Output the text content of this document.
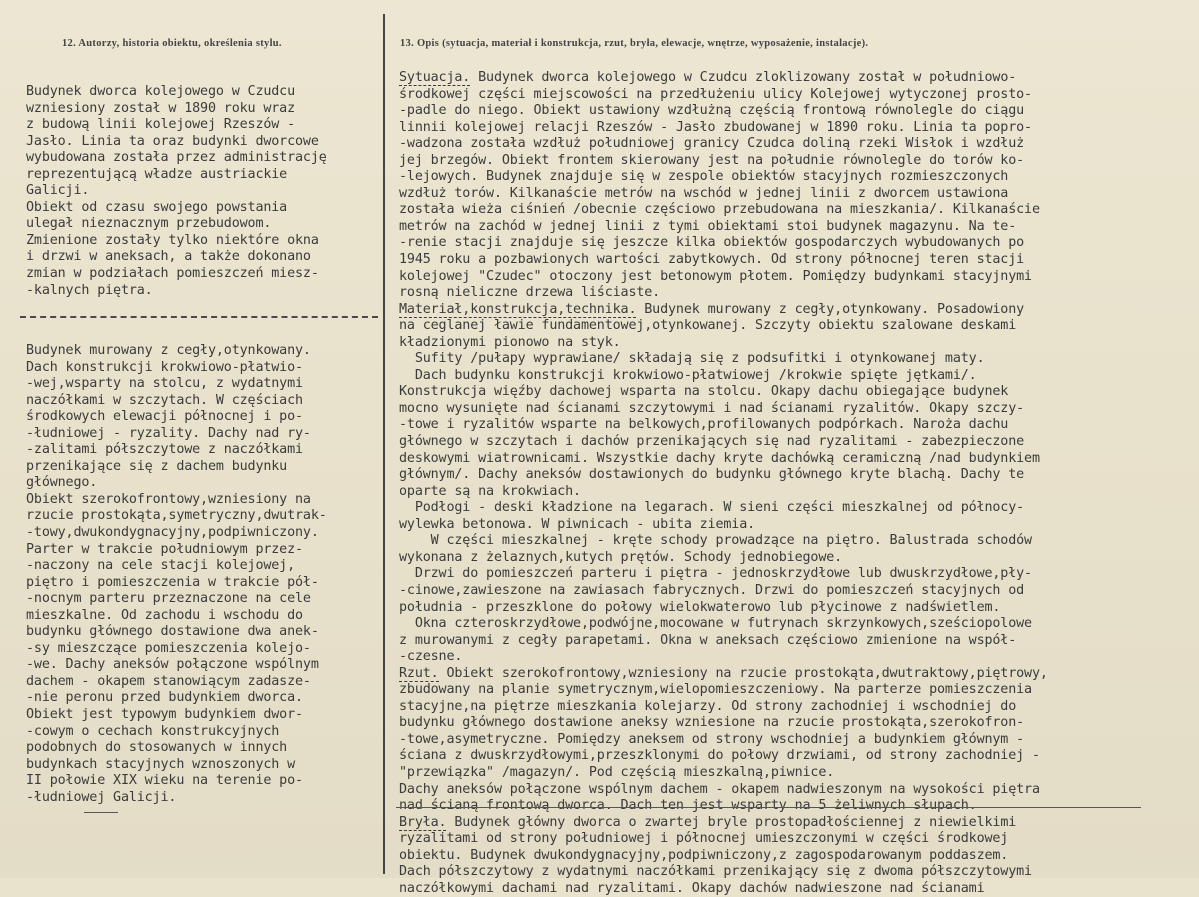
12. Autorzy, historia obiektu, określenia stylu.	13. Opis (sytuacja, materiał i konstrukcja, rzut, bryła, elewacje, wnętrze, wyposażenie, instalacje).
Budynek dworca kolejowego w Czudcu
wzniesiony został w 1890 roku wraz
z budową linii kolejowej Rzeszów -
Jasło. Linia ta oraz budynki dworcowe
wybudowana została przez administrację
reprezentującą władze austriackie
Galicji.
Obiekt od czasu swojego powstania
ulegał nieznacznym przebudowom.
Zmienione zostały tylko niektóre okna
i drzwi w aneksach, a także dokonano
zmian w podziałach pomieszczeń miesz-
-kalnych piętra.
Budynek murowany z cegły,otynkowany.
Dach konstrukcji krokwiowo-płatwio-
-wej,wsparty na stolcu, z wydatnymi
naczółkami w szczytach. W częściach
środkowych elewacji północnej i po-
-łudniowej - ryzality. Dachy nad ry-
-zalitami półszczytowe z naczółkami
przenikające się z dachem budynku
głównego.
Obiekt szerokofrontowy,wzniesiony na
rzucie prostokąta,symetryczny,dwutrak-
-towy,dwukondygnacyjny,podpiwniczony.
Parter w trakcie południowym przez-
-naczony na cele stacji kolejowej,
piętro i pomieszczenia w trakcie pół-
-nocnym parteru przeznaczone na cele
mieszkalne. Od zachodu i wschodu do
budynku głównego dostawione dwa anek-
-sy mieszczące pomieszczenia kolejo-
-we. Dachy aneksów połączone wspólnym
dachem - okapem stanowiącym zadasze-
-nie peronu przed budynkiem dworca.
Obiekt jest typowym budynkiem dwor-
-cowym o cechach konstrukcyjnych
podobnych do stosowanych w innych
budynkach stacyjnych wznoszonych w
II połowie XIX wieku na terenie po-
-łudniowej Galicji.
Sytuacja. Budynek dworca kolejowego w Czudcu zloklizowany został w południowo-
środkowej części miejscowości na przedłużeniu ulicy Kolejowej wytyczonej prosto-
-padle do niego. Obiekt ustawiony wzdłużną częścią frontową równolegle do ciągu
linnii kolejowej relacji Rzeszów - Jasło zbudowanej w 1890 roku. Linia ta popro-
-wadzona została wzdłuż południowej granicy Czudca doliną rzeki Wisłok i wzdłuż
jej brzegów. Obiekt frontem skierowany jest na południe równolegle do torów ko-
-lejowych. Budynek znajduje się w zespole obiektów stacyjnych rozmieszczonych
wzdłuż torów. Kilkanaście metrów na wschód w jednej linii z dworcem ustawiona
została wieża ciśnień /obecnie częściowo przebudowana na mieszkania/. Kilkanaście
metrów na zachód w jednej linii z tymi obiektami stoi budynek magazynu. Na te-
-renie stacji znajduje się jeszcze kilka obiektów gospodarczych wybudowanych po
1945 roku a pozbawionych wartości zabytkowych. Od strony północnej teren stacji
kolejowej "Czudec" otoczony jest betonowym płotem. Pomiędzy budynkami stacyjnymi
rosną nieliczne drzewa liściaste.
Materiał,konstrukcja,technika. Budynek murowany z cegły,otynkowany. Posadowiony
na ceglanej ławie fundamentowej,otynkowanej. Szczyty obiektu szalowane deskami
kładzionymi pionowo na styk.
Sufity /pułapy wyprawiane/ składają się z podsufitki i otynkowanej maty.
Dach budynku konstrukcji krokwiowo-płatwiowej /krokwie spięte jętkami/.
Konstrukcja więźby dachowej wsparta na stolcu. Okapy dachu obiegające budynek
mocno wysunięte nad ścianami szczytowymi i nad ścianami ryzalitów. Okapy szczy-
-towe i ryzalitów wsparte na belkowych,profilowanych podpórkach. Naroża dachu
głównego w szczytach i dachów przenikających się nad ryzalitami - zabezpieczone
deskowymi wiatrownicami. Wszystkie dachy kryte dachówką ceramiczną /nad budynkiem
głównym/. Dachy aneksów dostawionych do budynku głównego kryte blachą. Dachy te
oparte są na krokwiach.
Podłogi - deski kładzione na legarach. W sieni części mieszkalnej od północy-
wylewka betonowa. W piwnicach - ubita ziemia.
W części mieszkalnej - kręte schody prowadzące na piętro. Balustrada schodów
wykonana z żelaznych,kutych prętów. Schody jednobiegowe.
Drzwi do pomieszczeń parteru i piętra - jednoskrzydłowe lub dwuskrzydłowe,pły-
-cinowe,zawieszone na zawiasach fabrycznych. Drzwi do pomieszczeń stacyjnych od
południa - przeszklone do połowy wielokwaterowo lub płycinowe z nadświetlem.
Okna czteroskrzydłowe,podwójne,mocowane w futrynach skrzynkowych,sześciopolowe
z murowanymi z cegły parapetami. Okna w aneksach częściowo zmienione na współ-
-czesne.
Rzut. Obiekt szerokofrontowy,wzniesiony na rzucie prostokąta,dwutraktowy,piętrowy,
zbudowany na planie symetrycznym,wielopomieszczeniowy. Na parterze pomieszczenia
stacyjne,na piętrze mieszkania kolejarzy. Od strony zachodniej i wschodniej do
budynku głównego dostawione aneksy wzniesione na rzucie prostokąta,szerokofron-
-towe,asymetryczne. Pomiędzy aneksem od strony wschodniej a budynkiem głównym -
ściana z dwuskrzydłowymi,przeszklonymi do połowy drzwiami, od strony zachodniej -
"przewiązka" /magazyn/. Pod częścią mieszkalną,piwnice.
Dachy aneksów połączone wspólnym dachem - okapem nadwieszonym na wysokości piętra
nad ścianą frontową dworca. Dach ten jest wsparty na 5 żeliwnych słupach.
Bryła. Budynek główny dworca o zwartej bryle prostopadłościennej z niewielkimi
ryzalitami od strony południowej i północnej umieszczonymi w części środkowej
obiektu. Budynek dwukondygnacyjny,podpiwniczony,z zagospodarowanym poddaszem.
Dach półszczytowy z wydatnymi naczółkami przenikający się z dwoma półszczytowymi
naczółkowymi dachami nad ryzalitami. Okapy dachów nadwieszone nad ścianami
